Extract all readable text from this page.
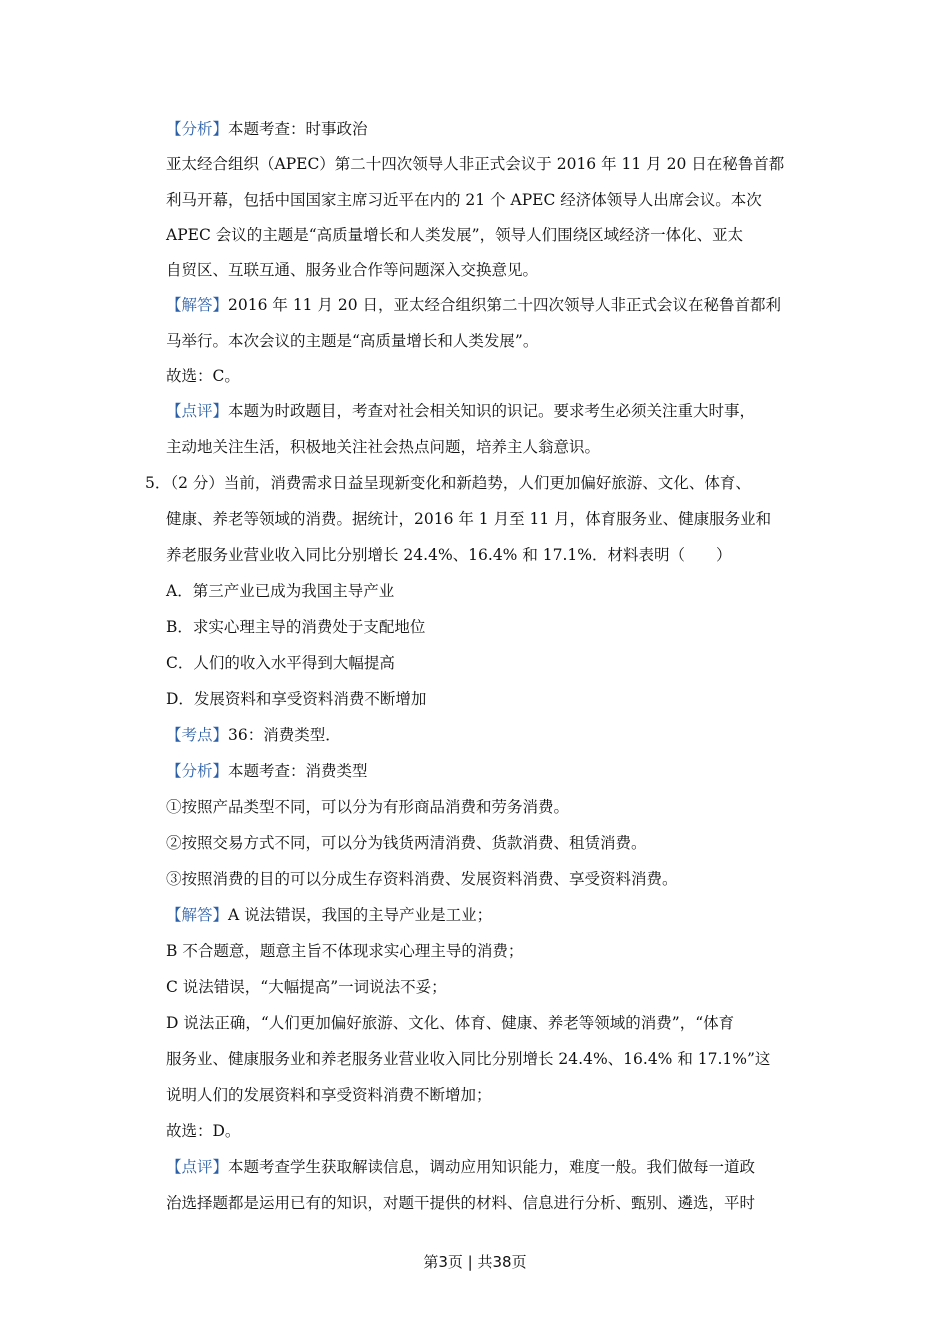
【分析】本题考查：时事政治
亚太经合组织（APEC）第二十四次领导人非正式会议于 2016 年 11 月 20 日在秘鲁首都
利马开幕，包括中国国家主席习近平在内的 21 个 APEC 经济体领导人出席会议。本次
APEC 会议的主题是“高质量增长和人类发展”，领导人们围绕区域经济一体化、亚太
自贸区、互联互通、服务业合作等问题深入交换意见。
【解答】2016 年 11 月 20 日，亚太经合组织第二十四次领导人非正式会议在秘鲁首都利
马举行。本次会议的主题是“高质量增长和人类发展”。
故选：C。
【点评】本题为时政题目，考查对社会相关知识的识记。要求考生必须关注重大时事，
主动地关注生活，积极地关注社会热点问题，培养主人翁意识。
5．（2 分）当前，消费需求日益呈现新变化和新趋势，人们更加偏好旅游、文化、体育、
健康、养老等领域的消费。据统计，2016 年 1 月至 11 月，体育服务业、健康服务业和
养老服务业营业收入同比分别增长 24.4%、16.4% 和 17.1%．材料表明（　　）
A．第三产业已成为我国主导产业
B．求实心理主导的消费处于支配地位
C．人们的收入水平得到大幅提高
D．发展资料和享受资料消费不断增加
【考点】36：消费类型．
【分析】本题考查：消费类型
①按照产品类型不同，可以分为有形商品消费和劳务消费。
②按照交易方式不同，可以分为钱货两清消费、货款消费、租赁消费。
③按照消费的目的可以分成生存资料消费、发展资料消费、享受资料消费。
【解答】A 说法错误，我国的主导产业是工业；
B 不合题意，题意主旨不体现求实心理主导的消费；
C 说法错误，“大幅提高”一词说法不妥；
D 说法正确，“人们更加偏好旅游、文化、体育、健康、养老等领域的消费”，“体育
服务业、健康服务业和养老服务业营业收入同比分别增长 24.4%、16.4% 和 17.1%”这
说明人们的发展资料和享受资料消费不断增加；
故选：D。
【点评】本题考查学生获取解读信息，调动应用知识能力，难度一般。我们做每一道政
治选择题都是运用已有的知识，对题干提供的材料、信息进行分析、甄别、遴选，平时
第3页 | 共38页
